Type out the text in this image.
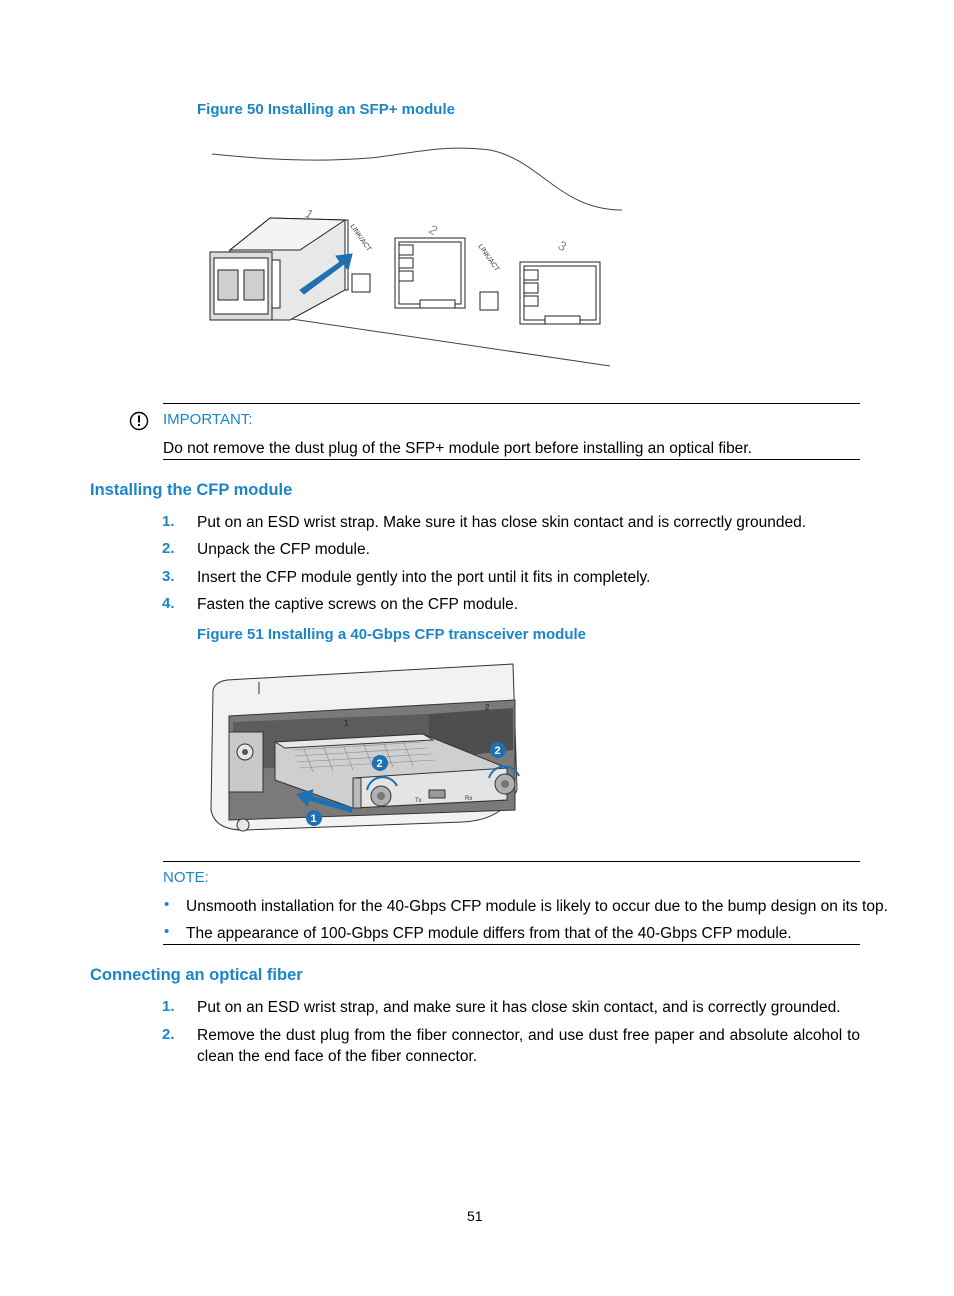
Figure 50 Installing an SFP+ module
1
2
3
LINK/ACT
LINK/ACT
IMPORTANT:
Do not remove the dust plug of the SFP+ module port before installing an optical fiber.
Installing the CFP module
1. Put on an ESD wrist strap. Make sure it has close skin contact and is correctly grounded.
2. Unpack the CFP module.
3. Insert the CFP module gently into the port until it fits in completely.
4. Fasten the captive screws on the CFP module.
Figure 51 Installing a 40-Gbps CFP transceiver module
Tx	Rx
1
2
1
2
2
NOTE:
• Unsmooth installation for the 40-Gbps CFP module is likely to occur due to the bump design on its top.
• The appearance of 100-Gbps CFP module differs from that of the 40-Gbps CFP module.
Connecting an optical fiber
1. Put on an ESD wrist strap, and make sure it has close skin contact, and is correctly grounded.
2. Remove the dust plug from the fiber connector, and use dust free paper and absolute alcohol to clean the end face of the fiber connector.
51
